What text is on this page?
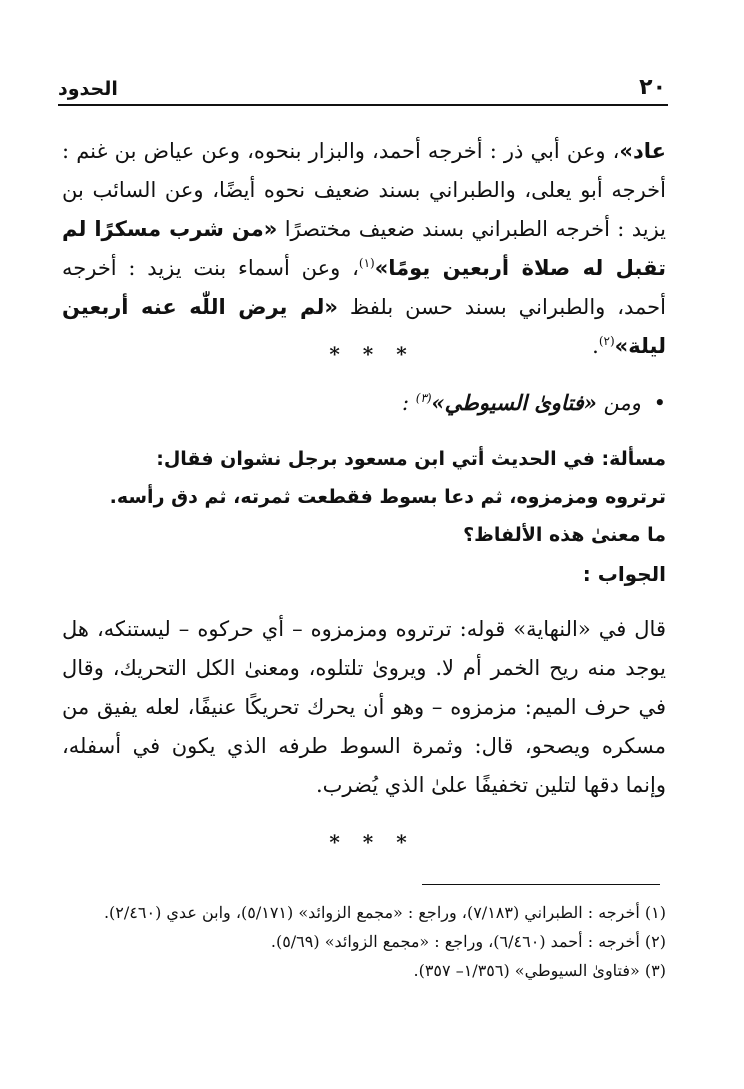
٢٠
الحدود
عاد»، وعن أبي ذر : أخرجه أحمد، والبزار بنحوه، وعن عياض بن غنم : أخرجه أبو يعلى، والطبراني بسند ضعيف نحوه أيضًا، وعن السائب بن يزيد : أخرجه الطبراني بسند ضعيف مختصرًا «من شرب مسكرًا لم تقبل له صلاة أربعين يومًا»$^{(١)}$، وعن أسماء بنت يزيد : أخرجه أحمد، والطبراني بسند حسن بلفظ «لم يرض اللّٰه عنه أربعين ليلة»$^{(٢)}$.
* * *
• ومن «فتاوىٰ السيوطي»$^{(٣)}$ :
مسألة: في الحديث أتي ابن مسعود برجل نشوان فقال:
ترتروه ومزمزوه، ثم دعا بسوط فقطعت ثمرته، ثم دق رأسه.
ما معنىٰ هذه الألفاظ؟
الجواب :
قال في «النهاية» قوله: ترتروه ومزمزوه – أي حركوه – ليستنكه، هل يوجد منه ريح الخمر أم لا. ويروىٰ تلتلوه، ومعنىٰ الكل التحريك، وقال في حرف الميم: مزمزوه – وهو أن يحرك تحريكًا عنيفًا، لعله يفيق من مسكره ويصحو، قال: وثمرة السوط طرفه الذي يكون في أسفله، وإنما دقها لتلين تخفيفًا علىٰ الذي يُضرب.
* * *
(١) أخرجه : الطبراني (٧/١٨٣)، وراجع : «مجمع الزوائد» (٥/١٧١)، وابن عدي (٢/٤٦٠).
(٢) أخرجه : أحمد (٦/٤٦٠)، وراجع : «مجمع الزوائد» (٥/٦٩).
(٣) «فتاوىٰ السيوطي» (١/٣٥٦– ٣٥٧).
